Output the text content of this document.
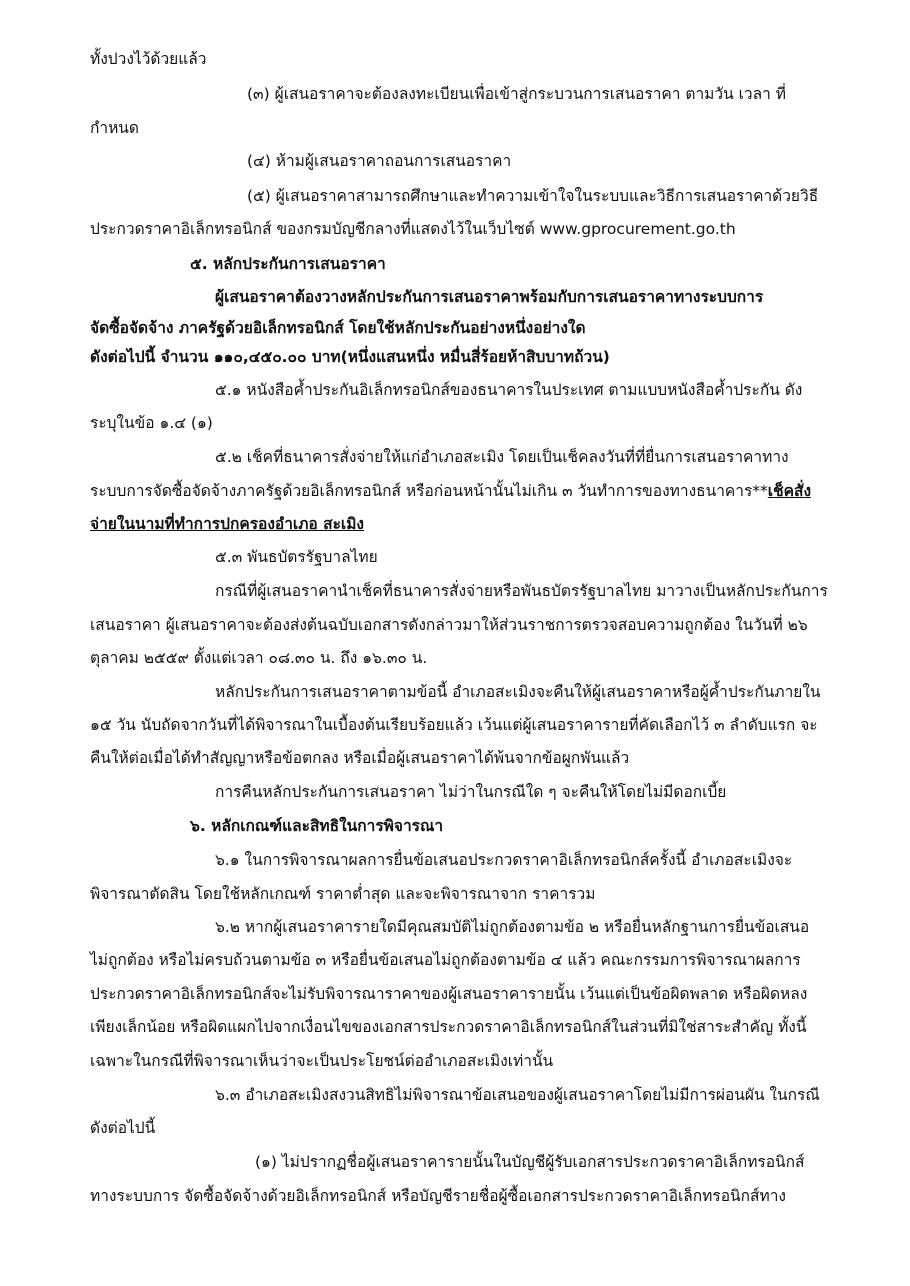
ทั้งปวงไว้ด้วยแล้ว
(๓) ผู้เสนอราคาจะต้องลงทะเบียนเพื่อเข้าสู่กระบวนการเสนอราคา ตามวัน เวลา ที่
กำหนด
(๔) ห้ามผู้เสนอราคาถอนการเสนอราคา
(๕) ผู้เสนอราคาสามารถศึกษาและทำความเข้าใจในระบบและวิธีการเสนอราคาด้วยวิธี
ประกวดราคาอิเล็กทรอนิกส์ ของกรมบัญชีกลางที่แสดงไว้ในเว็บไซต์ www.gprocurement.go.th
๕. หลักประกันการเสนอราคา
ผู้เสนอราคาต้องวางหลักประกันการเสนอราคาพร้อมกับการเสนอราคาทางระบบการ
จัดซื้อจัดจ้าง ภาครัฐด้วยอิเล็กทรอนิกส์ โดยใช้หลักประกันอย่างหนึ่งอย่างใด
ดังต่อไปนี้ จำนวน ๑๑๐,๔๕๐.๐๐ บาท(หนึ่งแสนหนึ่ง หมื่นสี่ร้อยห้าสิบบาทถ้วน)
๕.๑ หนังสือค้ำประกันอิเล็กทรอนิกส์ของธนาคารในประเทศ ตามแบบหนังสือค้ำประกัน ดัง
ระบุในข้อ ๑.๔ (๑)
๕.๒ เช็คที่ธนาคารสั่งจ่ายให้แก่อำเภอสะเมิง โดยเป็นเช็คลงวันที่ที่ยื่นการเสนอราคาทาง
ระบบการจัดซื้อจัดจ้างภาครัฐด้วยอิเล็กทรอนิกส์ หรือก่อนหน้านั้นไม่เกิน ๓ วันทำการของทางธนาคาร**เช็คสั่ง
จ่ายในนามที่ทำการปกครองอำเภอ สะเมิง
๕.๓ พันธบัตรรัฐบาลไทย
กรณีที่ผู้เสนอราคานำเช็คที่ธนาคารสั่งจ่ายหรือพันธบัตรรัฐบาลไทย มาวางเป็นหลักประกันการ
เสนอราคา ผู้เสนอราคาจะต้องส่งต้นฉบับเอกสารดังกล่าวมาให้ส่วนราชการตรวจสอบความถูกต้อง ในวันที่ ๒๖
ตุลาคม ๒๕๕๙ ตั้งแต่เวลา ๐๘.๓๐ น. ถึง ๑๖.๓๐ น.
หลักประกันการเสนอราคาตามข้อนี้ อำเภอสะเมิงจะคืนให้ผู้เสนอราคาหรือผู้ค้ำประกันภายใน
๑๕ วัน นับถัดจากวันที่ได้พิจารณาในเบื้องต้นเรียบร้อยแล้ว เว้นแต่ผู้เสนอราคารายที่คัดเลือกไว้ ๓ ลำดับแรก จะ
คืนให้ต่อเมื่อได้ทำสัญญาหรือข้อตกลง หรือเมื่อผู้เสนอราคาได้พ้นจากข้อผูกพันแล้ว
การคืนหลักประกันการเสนอราคา ไม่ว่าในกรณีใด ๆ จะคืนให้โดยไม่มีดอกเบี้ย
๖. หลักเกณฑ์และสิทธิในการพิจารณา
๖.๑ ในการพิจารณาผลการยื่นข้อเสนอประกวดราคาอิเล็กทรอนิกส์ครั้งนี้ อำเภอสะเมิงจะ
พิจารณาตัดสิน โดยใช้หลักเกณฑ์ ราคาต่ำสุด และจะพิจารณาจาก ราคารวม
๖.๒ หากผู้เสนอราคารายใดมีคุณสมบัติไม่ถูกต้องตามข้อ ๒ หรือยื่นหลักฐานการยื่นข้อเสนอ
ไม่ถูกต้อง หรือไม่ครบถ้วนตามข้อ ๓ หรือยื่นข้อเสนอไม่ถูกต้องตามข้อ ๔ แล้ว คณะกรรมการพิจารณาผลการ
ประกวดราคาอิเล็กทรอนิกส์จะไม่รับพิจารณาราคาของผู้เสนอราคารายนั้น เว้นแต่เป็นข้อผิดพลาด หรือผิดหลง
เพียงเล็กน้อย หรือผิดแผกไปจากเงื่อนไขของเอกสารประกวดราคาอิเล็กทรอนิกส์ในส่วนที่มิใช่สาระสำคัญ ทั้งนี้
เฉพาะในกรณีที่พิจารณาเห็นว่าจะเป็นประโยชน์ต่ออำเภอสะเมิงเท่านั้น
๖.๓ อำเภอสะเมิงสงวนสิทธิไม่พิจารณาข้อเสนอของผู้เสนอราคาโดยไม่มีการผ่อนผัน ในกรณี
ดังต่อไปนี้
(๑) ไม่ปรากฏชื่อผู้เสนอราคารายนั้นในบัญชีผู้รับเอกสารประกวดราคาอิเล็กทรอนิกส์
ทางระบบการ จัดซื้อจัดจ้างด้วยอิเล็กทรอนิกส์ หรือบัญชีรายชื่อผู้ซื้อเอกสารประกวดราคาอิเล็กทรอนิกส์ทาง
